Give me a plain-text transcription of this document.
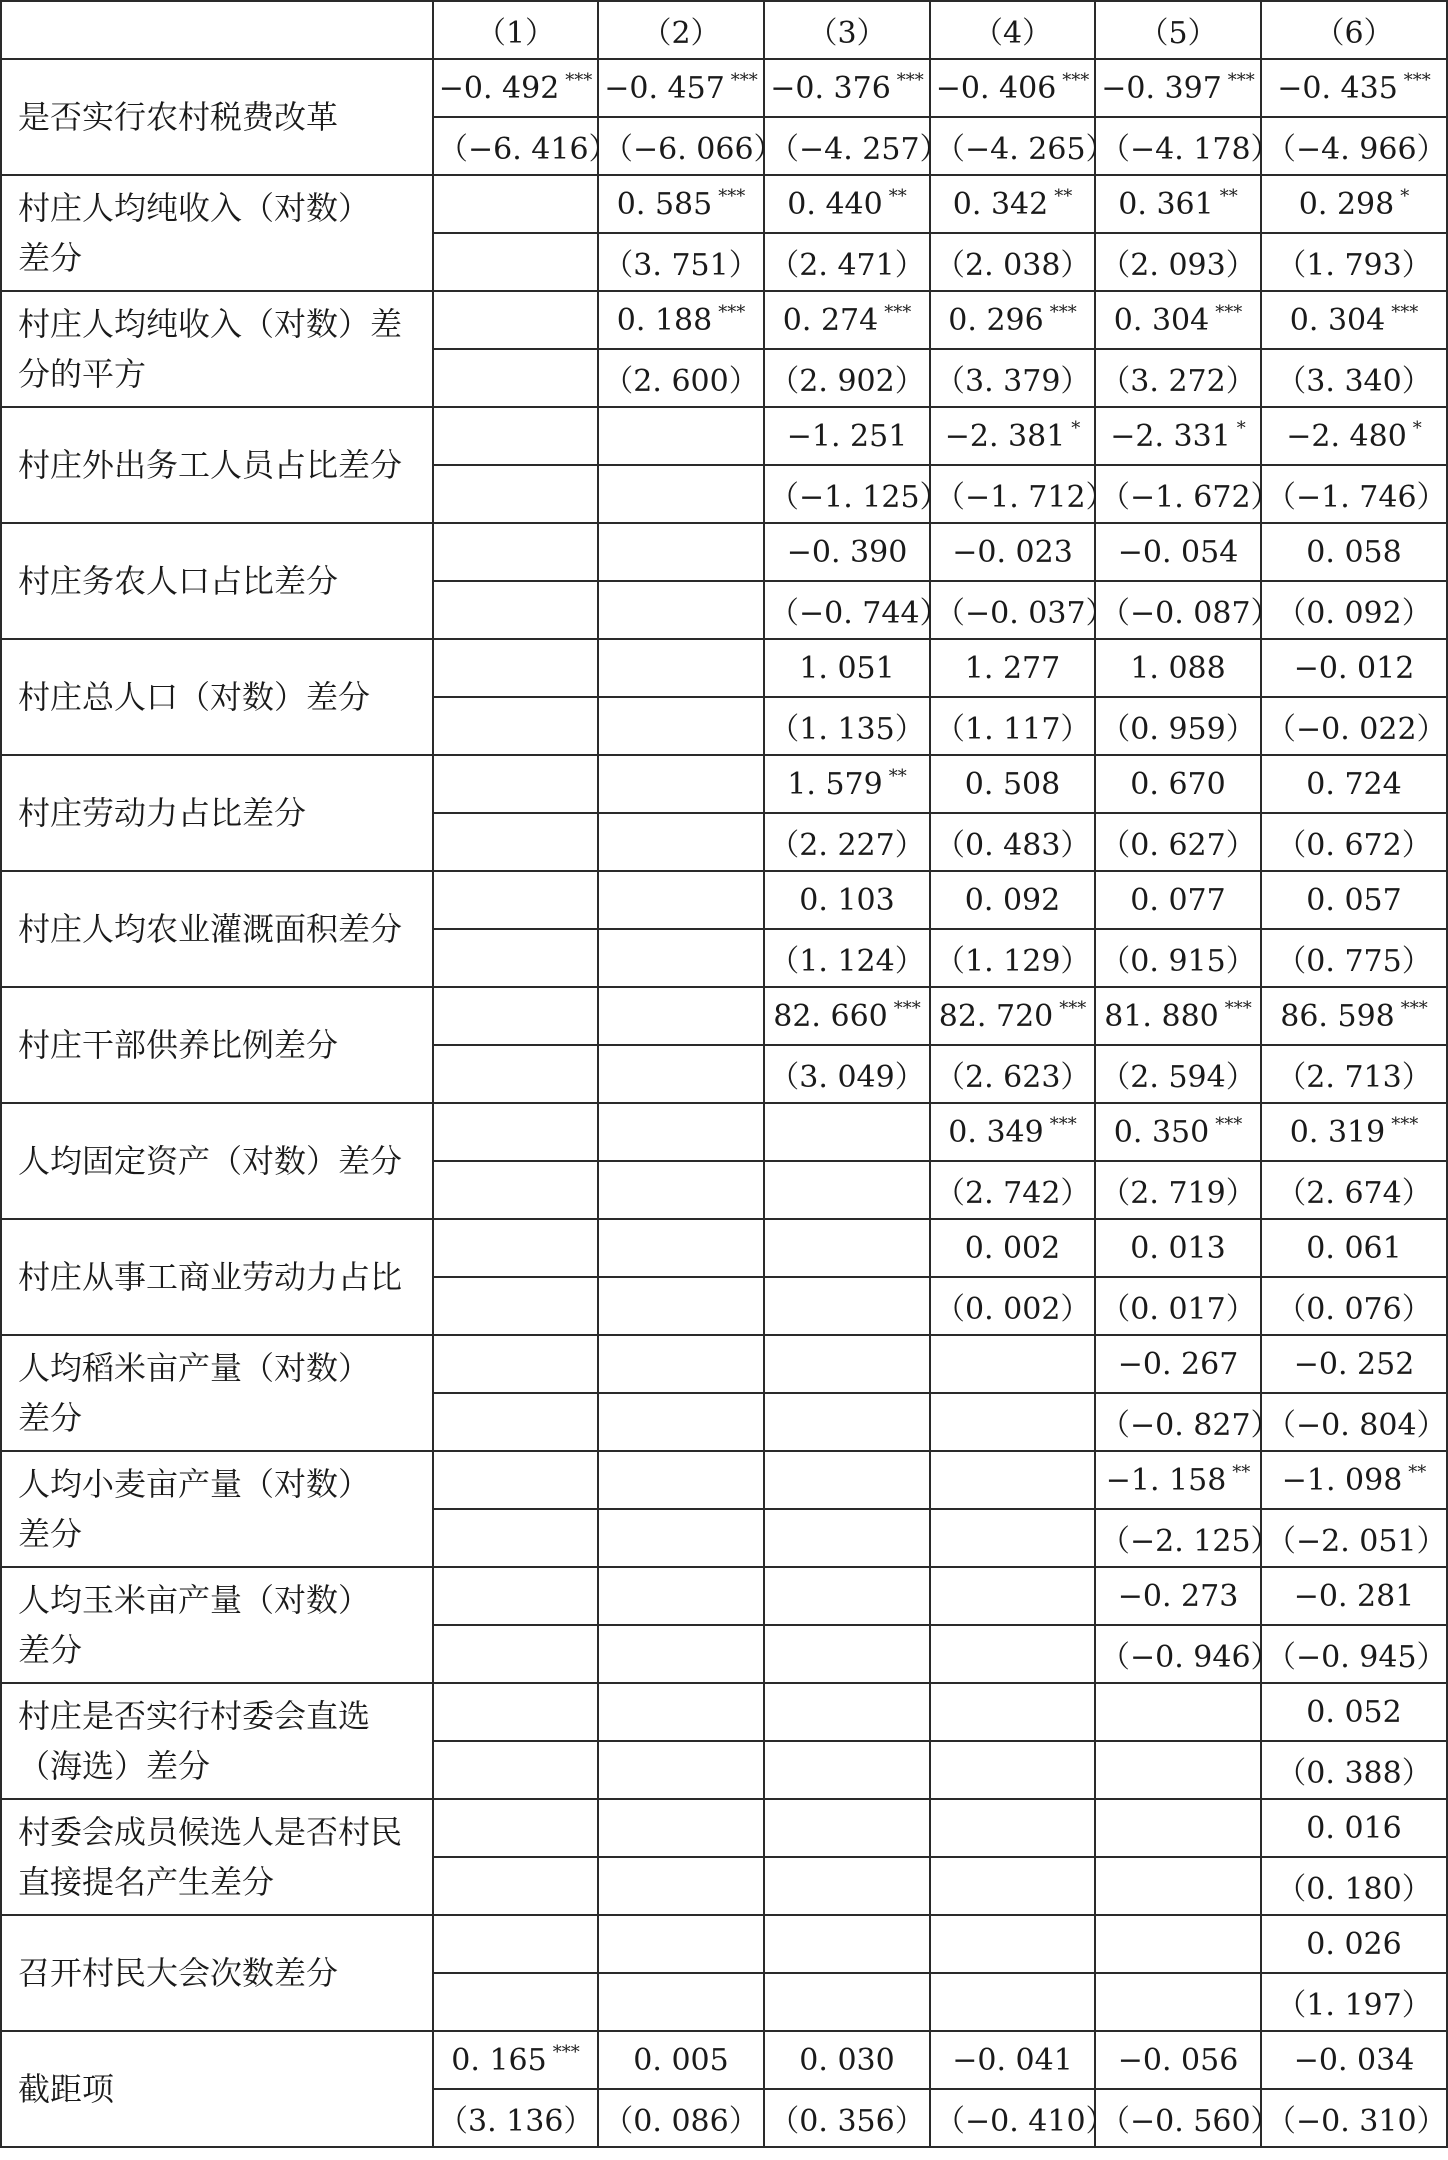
	（1）	（2）	（3）	（4）	（5）	（6）

是否实行农村税费改革	−0. 492 ***	−0. 457 ***	−0. 376 ***	−0. 406 ***	−0. 397 ***	−0. 435 ***
	（−6. 416）	（−6. 066）	（−4. 257）	（−4. 265）	（−4. 178）	（−4. 966）

村庄人均纯收入（对数）
差分		0. 585 ***	0. 440 **	0. 342 **	0. 361 **	0. 298 *
		（3. 751）	（2. 471）	（2. 038）	（2. 093）	（1. 793）

村庄人均纯收入（对数）差
分的平方		0. 188 ***	0. 274 ***	0. 296 ***	0. 304 ***	0. 304 ***
		（2. 600）	（2. 902）	（3. 379）	（3. 272）	（3. 340）

村庄外出务工人员占比差分			−1. 251	−2. 381 *	−2. 331 *	−2. 480 *
			（−1. 125）	（−1. 712）	（−1. 672）	（−1. 746）

村庄务农人口占比差分			−0. 390	−0. 023	−0. 054	0. 058
			（−0. 744）	（−0. 037）	（−0. 087）	（0. 092）

村庄总人口（对数）差分			1. 051	1. 277	1. 088	−0. 012
			（1. 135）	（1. 117）	（0. 959）	（−0. 022）

村庄劳动力占比差分			1. 579 **	0. 508	0. 670	0. 724
			（2. 227）	（0. 483）	（0. 627）	（0. 672）

村庄人均农业灌溉面积差分			0. 103	0. 092	0. 077	0. 057
			（1. 124）	（1. 129）	（0. 915）	（0. 775）

村庄干部供养比例差分			82. 660 ***	82. 720 ***	81. 880 ***	86. 598 ***
			（3. 049）	（2. 623）	（2. 594）	（2. 713）

人均固定资产（对数）差分				0. 349 ***	0. 350 ***	0. 319 ***
				（2. 742）	（2. 719）	（2. 674）

村庄从事工商业劳动力占比				0. 002	0. 013	0. 061
				（0. 002）	（0. 017）	（0. 076）

人均稻米亩产量（对数）
差分					−0. 267	−0. 252
					（−0. 827）	（−0. 804）

人均小麦亩产量（对数）
差分					−1. 158 **	−1. 098 **
					（−2. 125）	（−2. 051）

人均玉米亩产量（对数）
差分					−0. 273	−0. 281
					（−0. 946）	（−0. 945）

村庄是否实行村委会直选
（海选）差分						0. 052
						（0. 388）

村委会成员候选人是否村民
直接提名产生差分						0. 016
						（0. 180）

召开村民大会次数差分						0. 026
						（1. 197）

截距项	0. 165 ***	0. 005	0. 030	−0. 041	−0. 056	−0. 034
	（3. 136）	（0. 086）	（0. 356）	（−0. 410）	（−0. 560）	（−0. 310）
